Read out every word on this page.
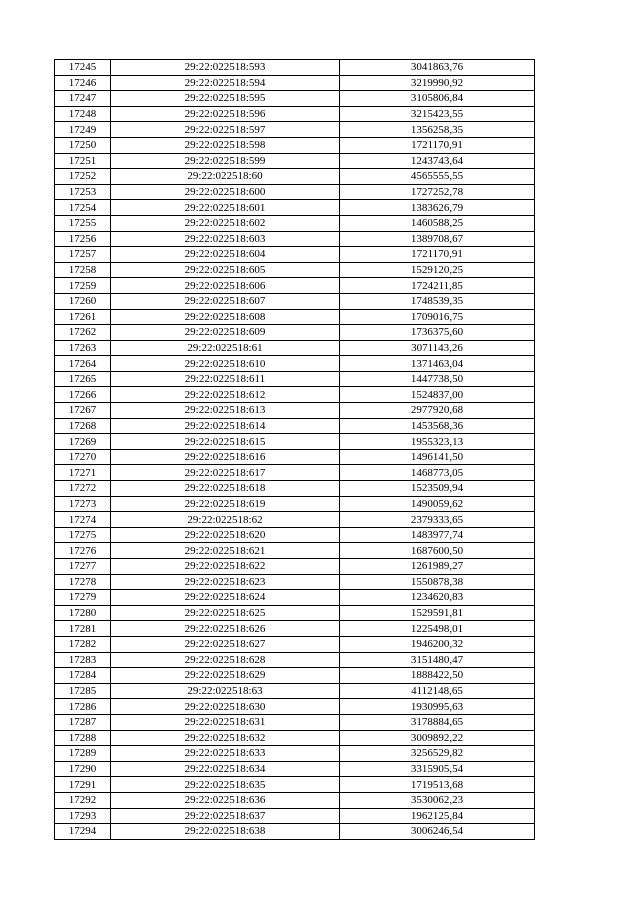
17245	29:22:022518:593	3041863,76
17246	29:22:022518:594	3219990,92
17247	29:22:022518:595	3105806,84
17248	29:22:022518:596	3215423,55
17249	29:22:022518:597	1356258,35
17250	29:22:022518:598	1721170,91
17251	29:22:022518:599	1243743,64
17252	29:22:022518:60	4565555,55
17253	29:22:022518:600	1727252,78
17254	29:22:022518:601	1383626,79
17255	29:22:022518:602	1460588,25
17256	29:22:022518:603	1389708,67
17257	29:22:022518:604	1721170,91
17258	29:22:022518:605	1529120,25
17259	29:22:022518:606	1724211,85
17260	29:22:022518:607	1748539,35
17261	29:22:022518:608	1709016,75
17262	29:22:022518:609	1736375,60
17263	29:22:022518:61	3071143,26
17264	29:22:022518:610	1371463,04
17265	29:22:022518:611	1447738,50
17266	29:22:022518:612	1524837,00
17267	29:22:022518:613	2977920,68
17268	29:22:022518:614	1453568,36
17269	29:22:022518:615	1955323,13
17270	29:22:022518:616	1496141,50
17271	29:22:022518:617	1468773,05
17272	29:22:022518:618	1523509,94
17273	29:22:022518:619	1490059,62
17274	29:22:022518:62	2379333,65
17275	29:22:022518:620	1483977,74
17276	29:22:022518:621	1687600,50
17277	29:22:022518:622	1261989,27
17278	29:22:022518:623	1550878,38
17279	29:22:022518:624	1234620,83
17280	29:22:022518:625	1529591,81
17281	29:22:022518:626	1225498,01
17282	29:22:022518:627	1946200,32
17283	29:22:022518:628	3151480,47
17284	29:22:022518:629	1888422,50
17285	29:22:022518:63	4112148,65
17286	29:22:022518:630	1930995,63
17287	29:22:022518:631	3178884,65
17288	29:22:022518:632	3009892,22
17289	29:22:022518:633	3256529,82
17290	29:22:022518:634	3315905,54
17291	29:22:022518:635	1719513,68
17292	29:22:022518:636	3530062,23
17293	29:22:022518:637	1962125,84
17294	29:22:022518:638	3006246,54
